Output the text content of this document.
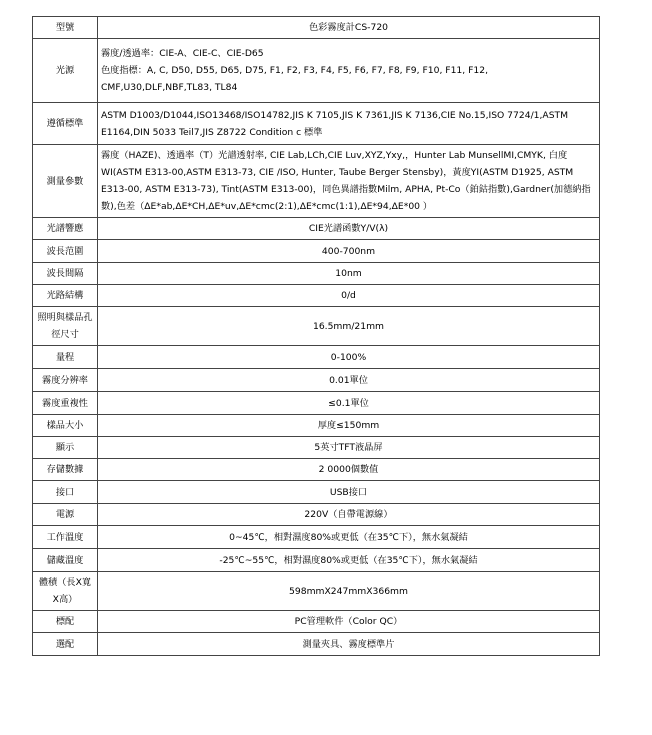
型號	色彩霧度計CS-720
光源	霧度/透過率：CIE-A、CIE-C、CIE-D65
色度指標：A, C, D50, D55, D65, D75, F1, F2, F3, F4, F5, F6, F7, F8, F9, F10, F11, F12, CMF,U30,DLF,NBF,TL83, TL84
遵循標準	ASTM D1003/D1044,ISO13468/ISO14782,JIS K 7105,JIS K 7361,JIS K 7136,CIE No.15,ISO 7724/1,ASTM E1164,DIN 5033 Teil7,JIS Z8722 Condition c 標準
測量參數	霧度（HAZE)、透過率（T）光譜透射率, CIE Lab,LCh,CIE Luv,XYZ,Yxy,，Hunter Lab MunsellMI,CMYK, 白度WI(ASTM E313-00,ASTM E313-73, CIE /ISO, Hunter, Taube Berger Stensby)，黃度YI(ASTM D1925, ASTM E313-00, ASTM E313-73), Tint(ASTM E313-00)，同色異譜指數Milm, APHA, Pt-Co（鉑鈷指數),Gardner(加德納指數),色差（ΔE*ab,ΔE*CH,ΔE*uv,ΔE*cmc(2:1),ΔE*cmc(1:1),ΔE*94,ΔE*00 ）
光譜響應	CIE光譜函數Y/V(λ)
波長范圍	400-700nm
波長間隔	10nm
光路結構	0/d
照明與樣品孔徑尺寸	16.5mm/21mm
量程	0-100%
霧度分辨率	0.01單位
霧度重複性	≤0.1單位
樣品大小	厚度≤150mm
顯示	5英寸TFT液晶屏
存儲數據	2 0000個數值
接口	USB接口
電源	220V（自帶電源線）
工作溫度	0~45℃，相對濕度80%或更低（在35℃下），無水氣凝結
儲藏溫度	-25℃~55℃，相對濕度80%或更低（在35℃下），無水氣凝結
體積（長X寬X高）	598mmX247mmX366mm
標配	PC管理軟件（Color QC）
選配	測量夾具、霧度標準片
